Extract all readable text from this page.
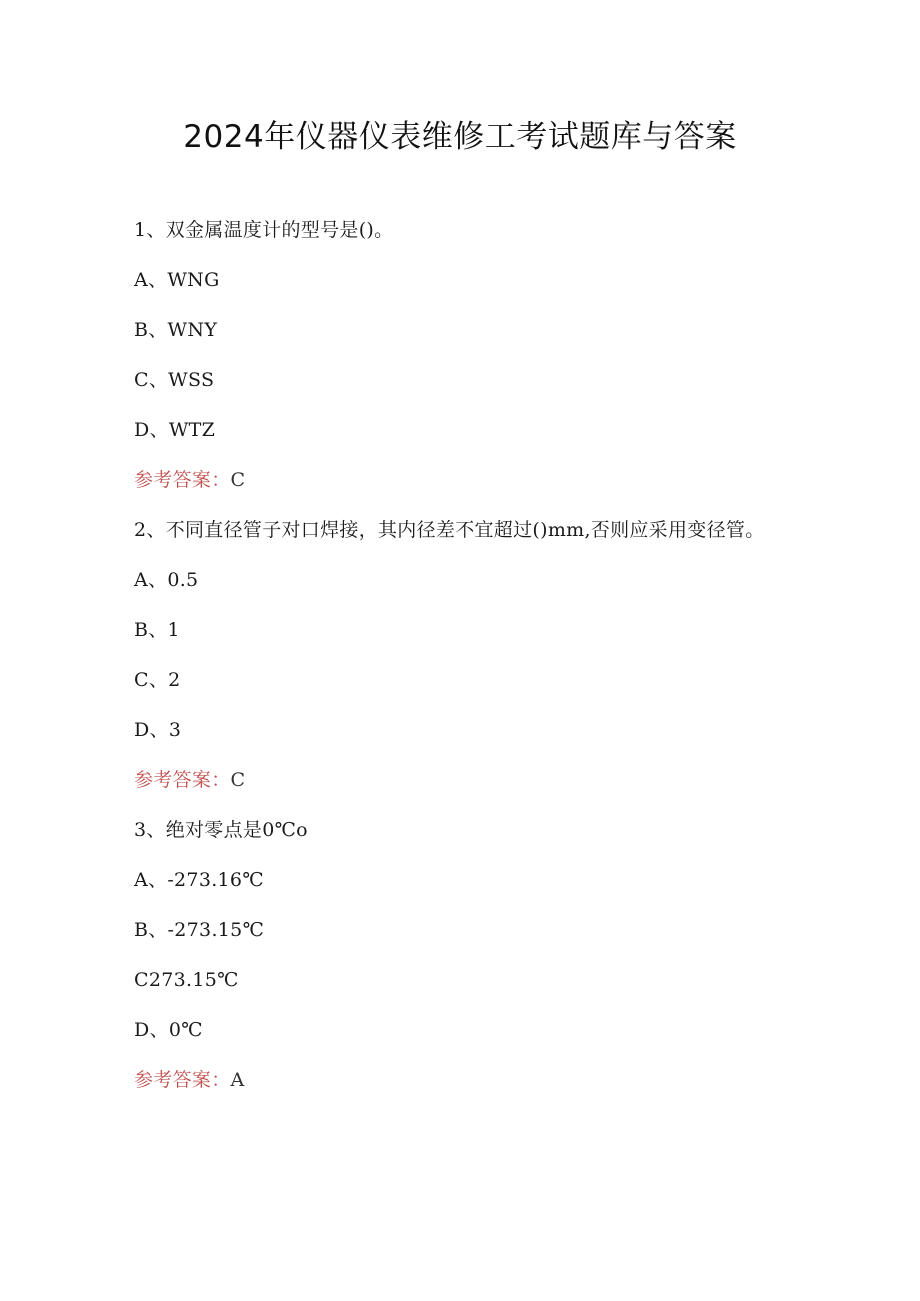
2024年仪器仪表维修工考试题库与答案
1、双金属温度计的型号是()。
A、WNG
B、WNY
C、WSS
D、WTZ
参考答案：C
2、不同直径管子对口焊接，其内径差不宜超过()mm,否则应采用变径管。
A、0.5
B、1
C、2
D、3
参考答案：C
3、绝对零点是0℃o
A、-273.16℃
B、-273.15℃
C273.15℃
D、0℃
参考答案：A
